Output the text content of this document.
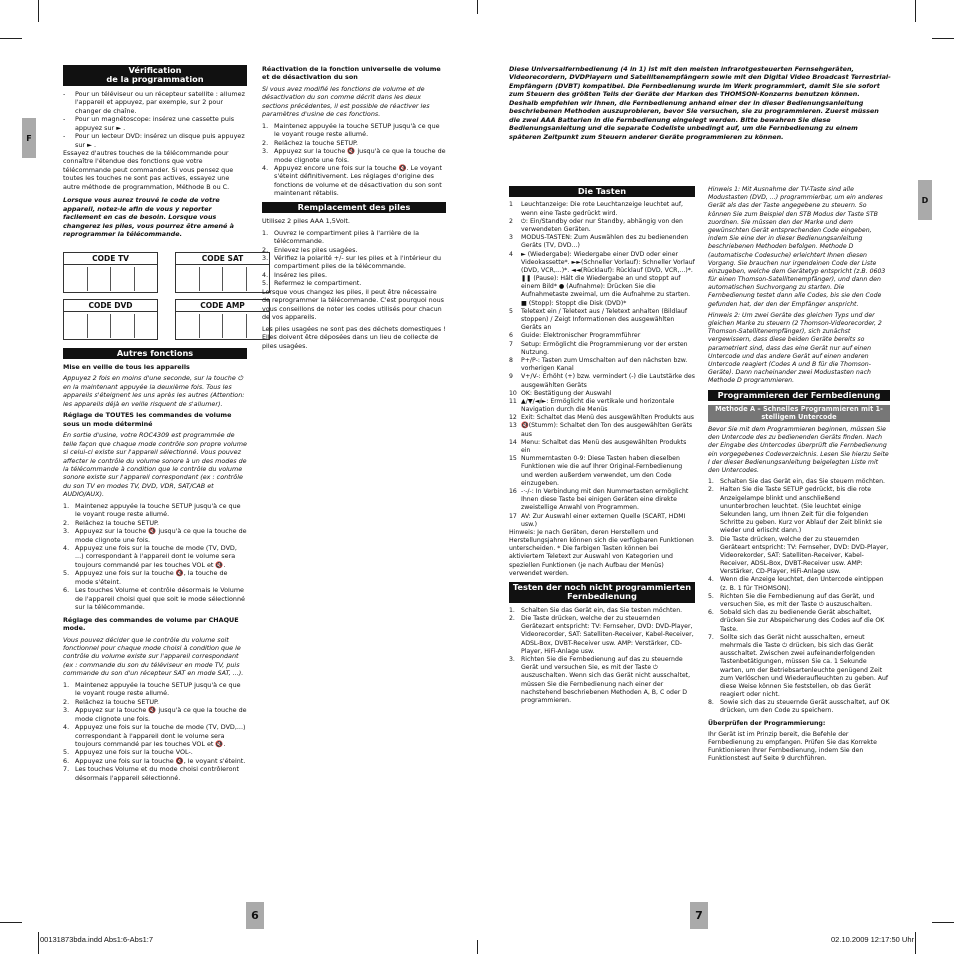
F
D
Vérification
de la programmation
-	Pour un téléviseur ou un récepteur satellite : allumez l'appareil et appuyez, par exemple, sur 2 pour changer de chaîne.
-	Pour un magnétoscope: insérez une cassette puis appuyez sur ► .
-	Pour un lecteur DVD: insérez un disque puis appuyez sur ► .

Essayez d'autres touches de la télécommande pour connaître l'étendue des fonctions que votre télécommande peut commander. Si vous pensez que toutes les touches ne sont pas actives, essayez une autre méthode de programmation, Méthode B ou C.

Lorsque vous aurez trouvé le code de votre appareil, notez-le afin de vous y reporter facilement en cas de besoin. Lorsque vous changerez les piles, vous pourrez être amené à reprogrammer la télécommande.

CODE TV	CODE SAT
CODE DVD	CODE AMP
Autres fonctions

Mise en veille de tous les appareils

Appuyez 2 fois en moins d'une seconde, sur la touche ⏻ en la maintenant appuyée la deuxième fois. Tous les appareils s'éteignent les uns après les autres (Attention: les appareils déjà en veille risquent de s'allumer).

Réglage de TOUTES les commandes de volume sous un mode déterminé

En sortie d'usine, votre ROC4309 est programmée de telle façon que chaque mode contrôle son propre volume si celui-ci existe sur l'appareil sélectionné. Vous pouvez affecter le contrôle du volume sonore à un des modes de la télécommande à condition que le contrôle du volume sonore existe sur l'appareil correspondant (ex : contrôle du son TV en modes TV, DVD, VDR, SAT/CAB et AUDIO/AUX).

1. Maintenez appuyée la touche SETUP jusqu'à ce que le voyant rouge reste allumé.
2. Relâchez la touche SETUP.
3. Appuyez sur la touche 🔇 jusqu'à ce que la touche de mode clignote une fois.
4. Appuyez une fois sur la touche de mode (TV, DVD, ...) correspondant à l'appareil dont le volume sera toujours commandé par les touches VOL et 🔇.
5. Appuyez une fois sur la touche 🔇, la touche de mode s'éteint.
6. Les touches Volume et contrôle désormais le Volume de l'appareil choisi quel que soit le mode sélectionné sur la télécommande.

Réglage des commandes de volume par CHAQUE mode.

Vous pouvez décider que le contrôle du volume soit fonctionnel pour chaque mode choisi à condition que le contrôle du volume existe sur l'appareil correspondant (ex : commande du son du téléviseur en mode TV, puis commande du son d'un récepteur SAT en mode SAT, ...).

1. Maintenez appuyée la touche SETUP jusqu'à ce que le voyant rouge reste allumé.
2. Relâchez la touche SETUP.
3. Appuyez sur la touche 🔇 jusqu'à ce que la touche de mode clignote une fois.
4. Appuyez une fois sur la touche de mode (TV, DVD,...) correspondant à l'appareil dont le volume sera toujours commandé par les touches VOL et 🔇.
5. Appuyez une fois sur la touche VOL-.
6. Appuyez une fois sur la touche 🔇, le voyant s'éteint.
7. Les touches Volume et du mode choisi contrôleront désormais l'appareil sélectionné.

Réactivation de la fonction universelle de volume et de désactivation du son

Si vous avez modifié les fonctions de volume et de désactivation du son comme décrit dans les deux sections précédentes, il est possible de réactiver les paramètres d'usine de ces fonctions.

1. Maintenez appuyée la touche SETUP jusqu'à ce que le voyant rouge reste allumé.
2. Relâchez la touche SETUP.
3. Appuyez sur la touche 🔇 jusqu'à ce que la touche de mode clignote une fois.
4. Appuyez encore une fois sur la touche 🔇. Le voyant s'éteint définitivement. Les réglages d'origine des fonctions de volume et de désactivation du son sont maintenant rétablis.
Remplacement des piles

Utilisez 2 piles AAA 1,5Volt.

1. Ouvrez le compartiment piles à l'arrière de la télécommande.
2. Enlevez les piles usagées.
3. Vérifiez la polarité +/- sur les piles et à l'intérieur du compartiment piles de la télécommande.
4. Insérez les piles.
5. Refermez le compartiment.

Lorsque vous changez les piles, il peut être nécessaire de reprogrammer la télécommande. C'est pourquoi nous vous conseillons de noter les codes utilisés pour chacun de vos appareils.

Les piles usagées ne sont pas des déchets domestiques ! Elles doivent être déposées dans un lieu de collecte de piles usagées.

Diese Universalfernbedienung (4 in 1) ist mit den meisten infrarotgesteuerten Fernsehgeräten, Videorecordern, DVDPlayern und Satellitenempfängern sowie mit den Digital Video Broadcast Terrestrial-Empfängern (DVBT) kompatibel. Die Fernbedienung wurde im Werk programmiert, damit Sie sie sofort zum Steuern des größten Teils der Geräte der Marken des THOMSON-Konzerns benutzen können. Deshalb empfehlen wir Ihnen, die Fernbedienung anhand einer der in dieser Bedienungsanleitung beschriebenen Methoden auszuprobieren, bevor Sie versuchen, sie zu programmieren. Zuerst müssen die zwei AAA Batterien in die Fernbedienung eingelegt werden. Bitte bewahren Sie diese Bedienungsanleitung und die separate Codeliste unbedingt auf, um die Fernbedienung zu einem späteren Zeitpunkt zum Steuern anderer Geräte programmieren zu können.

Die Tasten
1	Leuchtanzeige: Die rote Leuchtanzeige leuchtet auf, wenn eine Taste gedrückt wird.
2	⏻: Ein/Standby oder nur Standby, abhängig von den verwendeten Geräten.
3	MODUS-TASTEN: Zum Auswählen des zu bedienenden Geräts (TV, DVD...)
4	► (Wiedergabe): Wiedergabe einer DVD oder einer Videokassette*. ►►(Schneller Vorlauf): Schneller Vorlauf (DVD, VCR,...)*. ◄◄(Rücklauf): Rücklauf (DVD, VCR,...)*. ❚❚ (Pause): Hält die Wiedergabe an und stoppt auf einem Bild* ● (Aufnahme): Drücken Sie die Aufnahmetaste zweimal, um die Aufnahme zu starten. ■ (Stopp): Stoppt die Disk (DVD)*
5	Teletext ein / Teletext aus / Teletext anhalten (Bildlauf stoppen) / Zeigt Informationen des ausgewählten Geräts an
6	Guide: Elektronischer Programmführer
7	Setup: Ermöglicht die Programmierung vor der ersten Nutzung.
8	P+/P-: Tasten zum Umschalten auf den nächsten bzw. vorherigen Kanal
9	V+/V-: Erhöht (+) bzw. vermindert (-) die Lautstärke des ausgewählten Geräts
10 OK: Bestätigung der Auswahl
11 ▲/▼/◄/►: Ermöglicht die vertikale und horizontale Navigation durch die Menüs
12 Exit: Schaltet das Menü des ausgewählten Produkts aus
13 🔇(Stumm): Schaltet den Ton des ausgewählten Geräts aus
14 Menu: Schaltet das Menü des ausgewählten Produkts ein
15 Nummerntasten 0-9: Diese Tasten haben dieselben Funktionen wie die auf Ihrer Original-Fernbedienung und werden außerdem verwendet, um den Code einzugeben.
16 -·-/-: In Verbindung mit den Nummertasten ermöglicht Ihnen diese Taste bei einigen Geräten eine direkte zweistellige Anwahl von Programmen.
17 AV: Zur Auswahl einer externen Quelle (SCART, HDMI usw.)

Hinweis: Je nach Geräten, deren Herstellern und Herstellungsjahren können sich die verfügbaren Funktionen unterscheiden. * Die farbigen Tasten können bei aktiviertem Teletext zur Auswahl von Kategorien und speziellen Funktionen (je nach Aufbau der Menüs) verwendet werden.

Testen der noch nicht programmierten Fernbedienung
1. Schalten Sie das Gerät ein, das Sie testen möchten.
2. Die Taste drücken, welche der zu steuernden Gerätezart entspricht: TV: Fernseher, DVD: DVD-Player, Videorecorder, SAT: Satelliten-Receiver, Kabel-Receiver, ADSL-Box, DVBT-Receiver usw. AMP: Verstärker, CD-Player, HiFi-Anlage usw.
3. Richten Sie die Fernbedienung auf das zu steuernde Gerät und versuchen Sie, es mit der Taste ⏻ auszuschalten. Wenn sich das Gerät nicht ausschaltet, müssen Sie die Fernbedienung nach einer der nachstehend beschriebenen Methoden A, B, C oder D programmieren.

Hinweis 1: Mit Ausnahme der TV-Taste sind alle Modustasten (DVD, ...) programmierbar, um ein anderes Gerät als das der Taste angegebene zu steuern. So können Sie zum Beispiel den STB Modus der Taste STB zuordnen. Sie müssen den der Marke und dem gewünschten Gerät entsprechenden Code eingeben, indem Sie eine der in dieser Bedienungsanleitung beschriebenen Methoden befolgen. Methode D (automatische Codesuche) erleichtert Ihnen diesen Vorgang. Sie brauchen nur irgendeinen Code der Liste einzugeben, welche dem Gerätetyp entspricht (z.B. 0603 für einen Thomson-Satellitenempfänger), und dann den automatischen Suchvorgang zu starten. Die Fernbedienung testet dann alle Codes, bis sie den Code gefunden hat, der den der Empfänger anspricht.

Hinweis 2: Um zwei Geräte des gleichen Typs und der gleichen Marke zu steuern (2 Thomson-Videorecorder, 2 Thomson-Satellitenempfänger), sich zunächst vergewissern, dass diese beiden Geräte bereits so parametriert sind, dass das eine Gerät nur auf einen Untercode und das andere Gerät auf einen anderen Untercode reagiert (Codes A und B für die Thomson-Geräte). Dann nacheinander zwei Modustasten nach Methode D programmieren.

Programmieren der Fernbedienung
Methode A – Schnelles Programmieren mit 1-stelligem Untercode

Bevor Sie mit dem Programmieren beginnen, müssen Sie den Untercode des zu bedienenden Geräts finden. Nach der Eingabe des Untercodes überprüft die Fernbedienung ein vorgegebenes Codeverzeichnis. Lesen Sie hierzu Seite I der dieser Bedienungsanleitung beigelegten Liste mit den Untercodes.

1. Schalten Sie das Gerät ein, das Sie steuern möchten.
2. Halten Sie die Taste SETUP gedrückt, bis die rote Anzeigelampe blinkt und anschließend ununterbrochen leuchtet. (Sie leuchtet einige Sekunden lang, um Ihnen Zeit für die folgenden Schritte zu geben. Kurz vor Ablauf der Zeit blinkt sie wieder und erlischt dann.)
3. Die Taste drücken, welche der zu steuernden Geräteart entspricht: TV: Fernseher, DVD: DVD-Player, Videorekorder, SAT: Satelliten-Receiver, Kabel-Receiver, ADSL-Box, DVBT-Receiver usw. AMP: Verstärker, CD-Player, HiFi-Anlage usw.
4. Wenn die Anzeige leuchtet, den Untercode eintippen (z. B. 1 für THOMSON).
5. Richten Sie die Fernbedienung auf das Gerät, und versuchen Sie, es mit der Taste ⏻ auszuschalten.
6. Sobald sich das zu bedienende Gerät abschaltet, drücken Sie zur Abspeicherung des Codes auf die OK Taste.
7. Sollte sich das Gerät nicht ausschalten, erneut mehrmals die Taste ⏻ drücken, bis sich das Gerät ausschaltet. Zwischen zwei aufeinanderfolgenden Tastenbetätigungen, müssen Sie ca. 1 Sekunde warten, um der Betriebsartenleuchte genügend Zeit zum Verlöschen und Wiederaufleuchten zu geben. Auf diese Weise können Sie feststellen, ob das Gerät reagiert oder nicht.
8. Sowie sich das zu steuernde Gerät ausschaltet, auf OK drücken, um den Code zu speichern.

Überprüfen der Programmierung:

Ihr Gerät ist im Prinzip bereit, die Befehle der Fernbedienung zu empfangen. Prüfen Sie das Korrekte Funktionieren Ihrer Fernbedienung, indem Sie den Funktionstest auf Seite 9 durchführen.

6	7
00131873bda.indd Abs1:6-Abs1:7	02.10.2009 12:17:50 Uhr
